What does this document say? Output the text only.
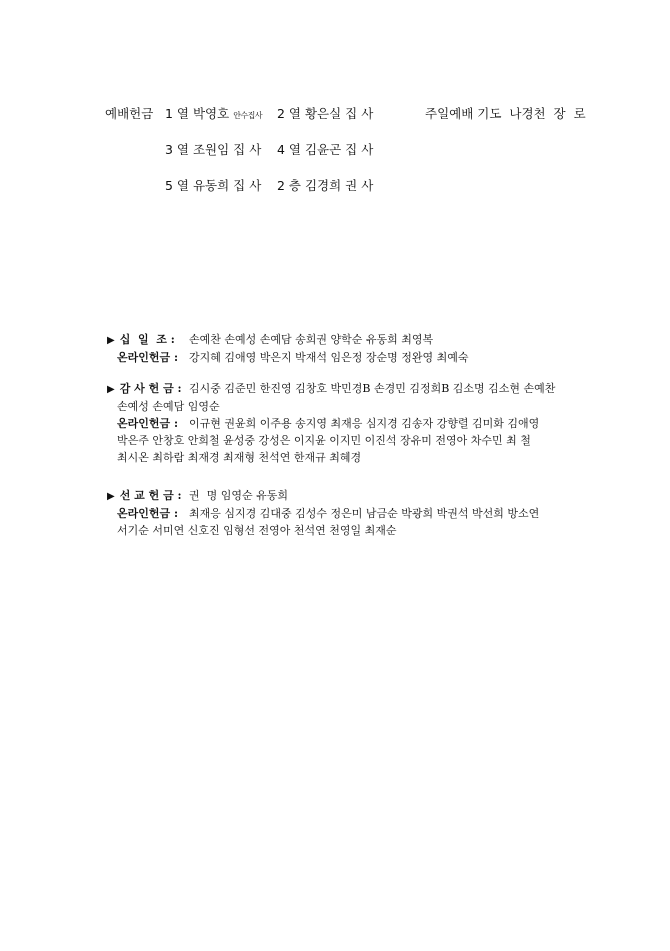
예배헌금 1 열 박영호 안수집사 2 열 황은실 집 사
3 열 조원임 집 사 4 열 김윤곤 집 사
5 열 유동희 집 사 2 층 김경희 권 사
주일예배 기도  나경천  장  로
▶ 십  일  조 :	손예찬 손예성 손예담 송희권 양학순 유동희 최영복
온라인헌금 : 강지혜 김애영 박은지 박재석 임은정 장순명 정완영 최예숙
▶ 감 사 헌 금 : 김시중 김준민 한진영 김창호 박민경B 손경민 김정희B 김소명 김소현 손예찬
손예성 손예담 임영순
온라인헌금 : 이규현 권윤희 이주용 송지영 최재응 심지경 김송자 강향렬 김미화 김애영
박은주 안창호 안희철 윤성중 강성은 이지윤 이지민 이진석 장유미 전영아 차수민 최 철
최시온 최하람 최재경 최재형 천석연 한재규 최혜경
▶ 선 교 헌 금 : 권  명 임영순 유동희
온라인헌금 : 최재응 심지경 김대중 김성수 정은미 남금순 박광희 박권석 박선희 방소연
서기순 서미연 신호진 임형선 전영아 천석연 천영일 최재순
